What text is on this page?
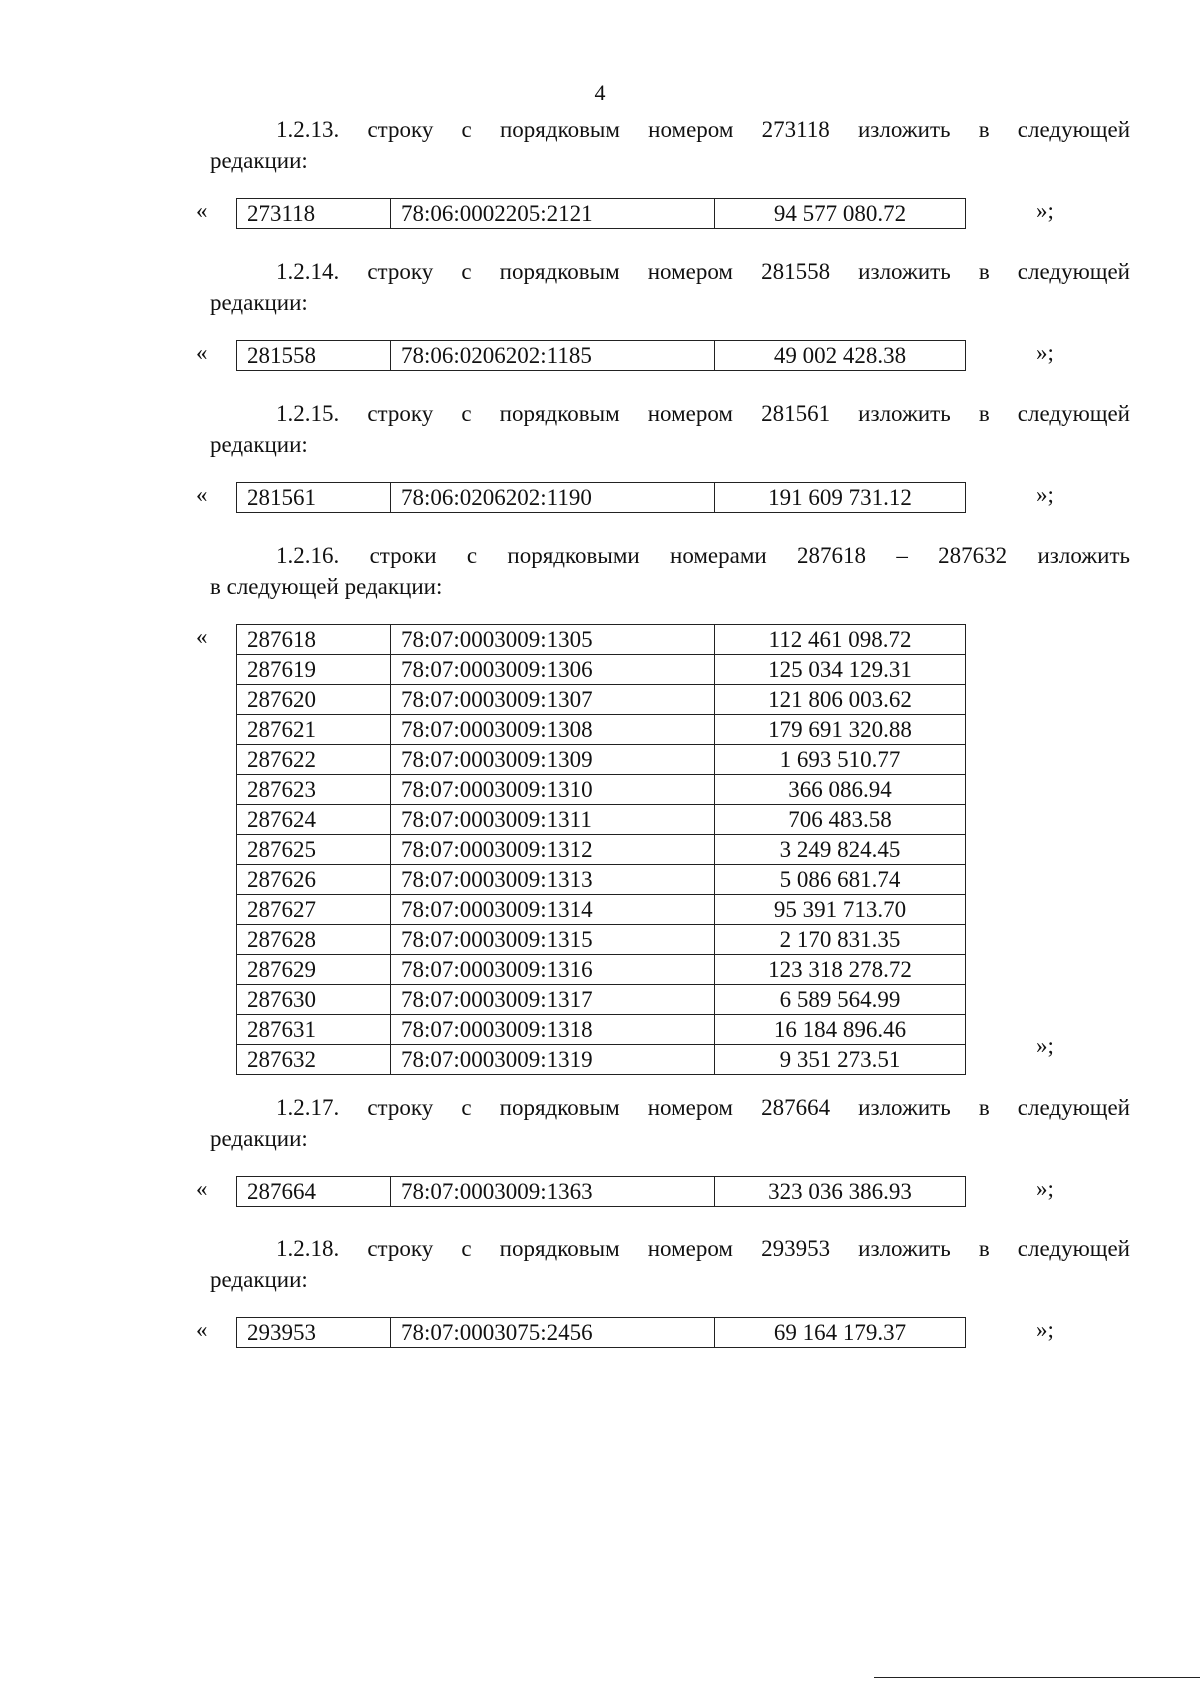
4
1.2.13. строку с порядковым номером 273118 изложить в следующей
редакции:
« 273118	78:06:0002205:2121	94 577 080.72	»;
1.2.14. строку с порядковым номером 281558 изложить в следующей
редакции:
« 281558	78:06:0206202:1185	49 002 428.38	»;
1.2.15. строку с порядковым номером 281561 изложить в следующей
редакции:
« 281561	78:06:0206202:1190	191 609 731.12	»;
1.2.16. строки с порядковыми номерами 287618 – 287632 изложить
в следующей редакции:
« 287618	78:07:0003009:1305	112 461 098.72
287619	78:07:0003009:1306	125 034 129.31
287620	78:07:0003009:1307	121 806 003.62
287621	78:07:0003009:1308	179 691 320.88
287622	78:07:0003009:1309	1 693 510.77
287623	78:07:0003009:1310	366 086.94
287624	78:07:0003009:1311	706 483.58
287625	78:07:0003009:1312	3 249 824.45
287626	78:07:0003009:1313	5 086 681.74
287627	78:07:0003009:1314	95 391 713.70
287628	78:07:0003009:1315	2 170 831.35
287629	78:07:0003009:1316	123 318 278.72
287630	78:07:0003009:1317	6 589 564.99
287631	78:07:0003009:1318	16 184 896.46
287632	78:07:0003009:1319	9 351 273.51
»;
1.2.17. строку с порядковым номером 287664 изложить в следующей
редакции:
« 287664	78:07:0003009:1363	323 036 386.93	»;
1.2.18. строку с порядковым номером 293953 изложить в следующей
редакции:
« 293953	78:07:0003075:2456	69 164 179.37	»;
